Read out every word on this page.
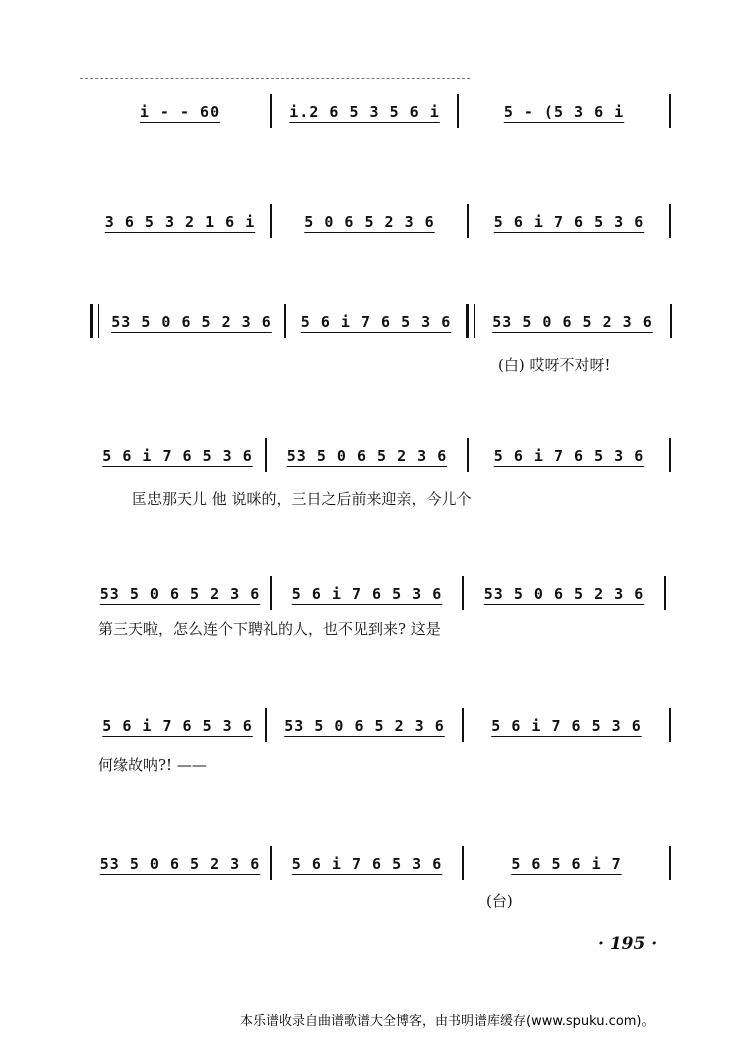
i - - 60	i.2 6 5 3 5 6 i	5 - (5 3 6 i
3 6 5 3 2 1 6 i	5 0 6 5 2 3 6	5 6 i 7 6 5 3 6
53 5 0 6 5 2 3 6 5 6 i 7 6 5 3 6	53 5 0 6 5 2 3 6
(白) 哎呀不对呀!
5 6 i 7 6 5 3 6 53 5 0 6 5 2 3 6	5 6 i 7 6 5 3 6
匡忠那天儿 他 说咪的，三日之后前来迎亲，今儿个
53 5 0 6 5 2 3 6 5 6 i 7 6 5 3 6	53 5 0 6 5 2 3 6
第三天啦，怎么连个下聘礼的人，也不见到来? 这是
5 6 i 7 6 5 3 6 53 5 0 6 5 2 3 6	5 6 i 7 6 5 3 6
何缘故呐?! ——
53 5 0 6 5 2 3 6 5 6 i 7 6 5 3 6	5 6 5 6 i 7
(台)
· 195 ·
本乐谱收录自曲谱歌谱大全博客，由书明谱库缓存(www.spuku.com)。
